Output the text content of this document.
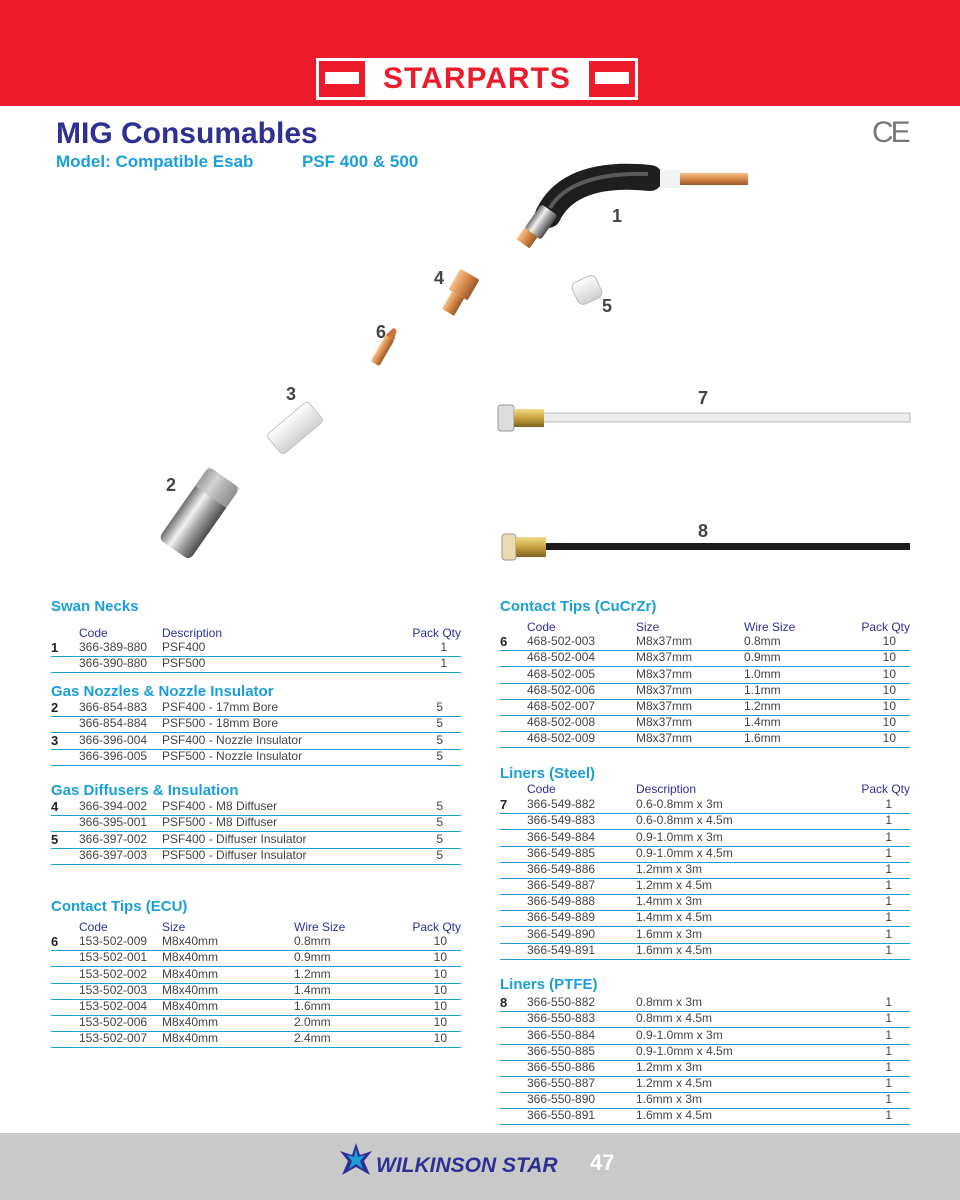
STARPARTS
MIG Consumables
Model: Compatible Esab	PSF 400 & 500
CE
1
4
5
6
3	7
2
8
Swan Necks
Code	Description	Pack Qty
1 366-389-880 PSF400	1
366-390-880 PSF500	1
Gas Nozzles & Nozzle Insulator
2 366-854-883 PSF400 - 17mm Bore	5
366-854-884 PSF500 - 18mm Bore	5
3 366-396-004 PSF400 - Nozzle Insulator	5
366-396-005 PSF500 - Nozzle Insulator	5
Gas Diffusers & Insulation
4 366-394-002 PSF400 - M8 Diffuser	5
366-395-001 PSF500 - M8 Diffuser	5
5 366-397-002 PSF400 - Diffuser Insulator	5
366-397-003 PSF500 - Diffuser Insulator	5
Contact Tips (ECU)
Code	Size	Wire Size	Pack Qty
6 153-502-009 M8x40mm	0.8mm	10
153-502-001 M8x40mm	0.9mm	10
153-502-002 M8x40mm	1.2mm	10
153-502-003 M8x40mm	1.4mm	10
153-502-004 M8x40mm	1.6mm	10
153-502-006 M8x40mm	2.0mm	10
153-502-007 M8x40mm	2.4mm	10
Contact Tips (CuCrZr)
Code	Size	Wire Size	Pack Qty
6 468-502-003	M8x37mm	0.8mm	10
468-502-004	M8x37mm	0.9mm	10
468-502-005	M8x37mm	1.0mm	10
468-502-006	M8x37mm	1.1mm	10
468-502-007	M8x37mm	1.2mm	10
468-502-008	M8x37mm	1.4mm	10
468-502-009	M8x37mm	1.6mm	10
Liners (Steel)
Code	Description	Pack Qty
7 366-549-882	0.6-0.8mm x 3m	1
366-549-883	0.6-0.8mm x 4.5m	1
366-549-884	0.9-1.0mm x 3m	1
366-549-885	0.9-1.0mm x 4.5m	1
366-549-886	1.2mm x 3m	1
366-549-887	1.2mm x 4.5m	1
366-549-888	1.4mm x 3m	1
366-549-889	1.4mm x 4.5m	1
366-549-890	1.6mm x 3m	1
366-549-891	1.6mm x 4.5m	1
Liners (PTFE)
8 366-550-882	0.8mm x 3m	1
366-550-883	0.8mm x 4.5m	1
366-550-884	0.9-1.0mm x 3m	1
366-550-885	0.9-1.0mm x 4.5m	1
366-550-886	1.2mm x 3m	1
366-550-887	1.2mm x 4.5m	1
366-550-890	1.6mm x 3m	1
366-550-891	1.6mm x 4.5m	1
WILKINSON STAR 47
